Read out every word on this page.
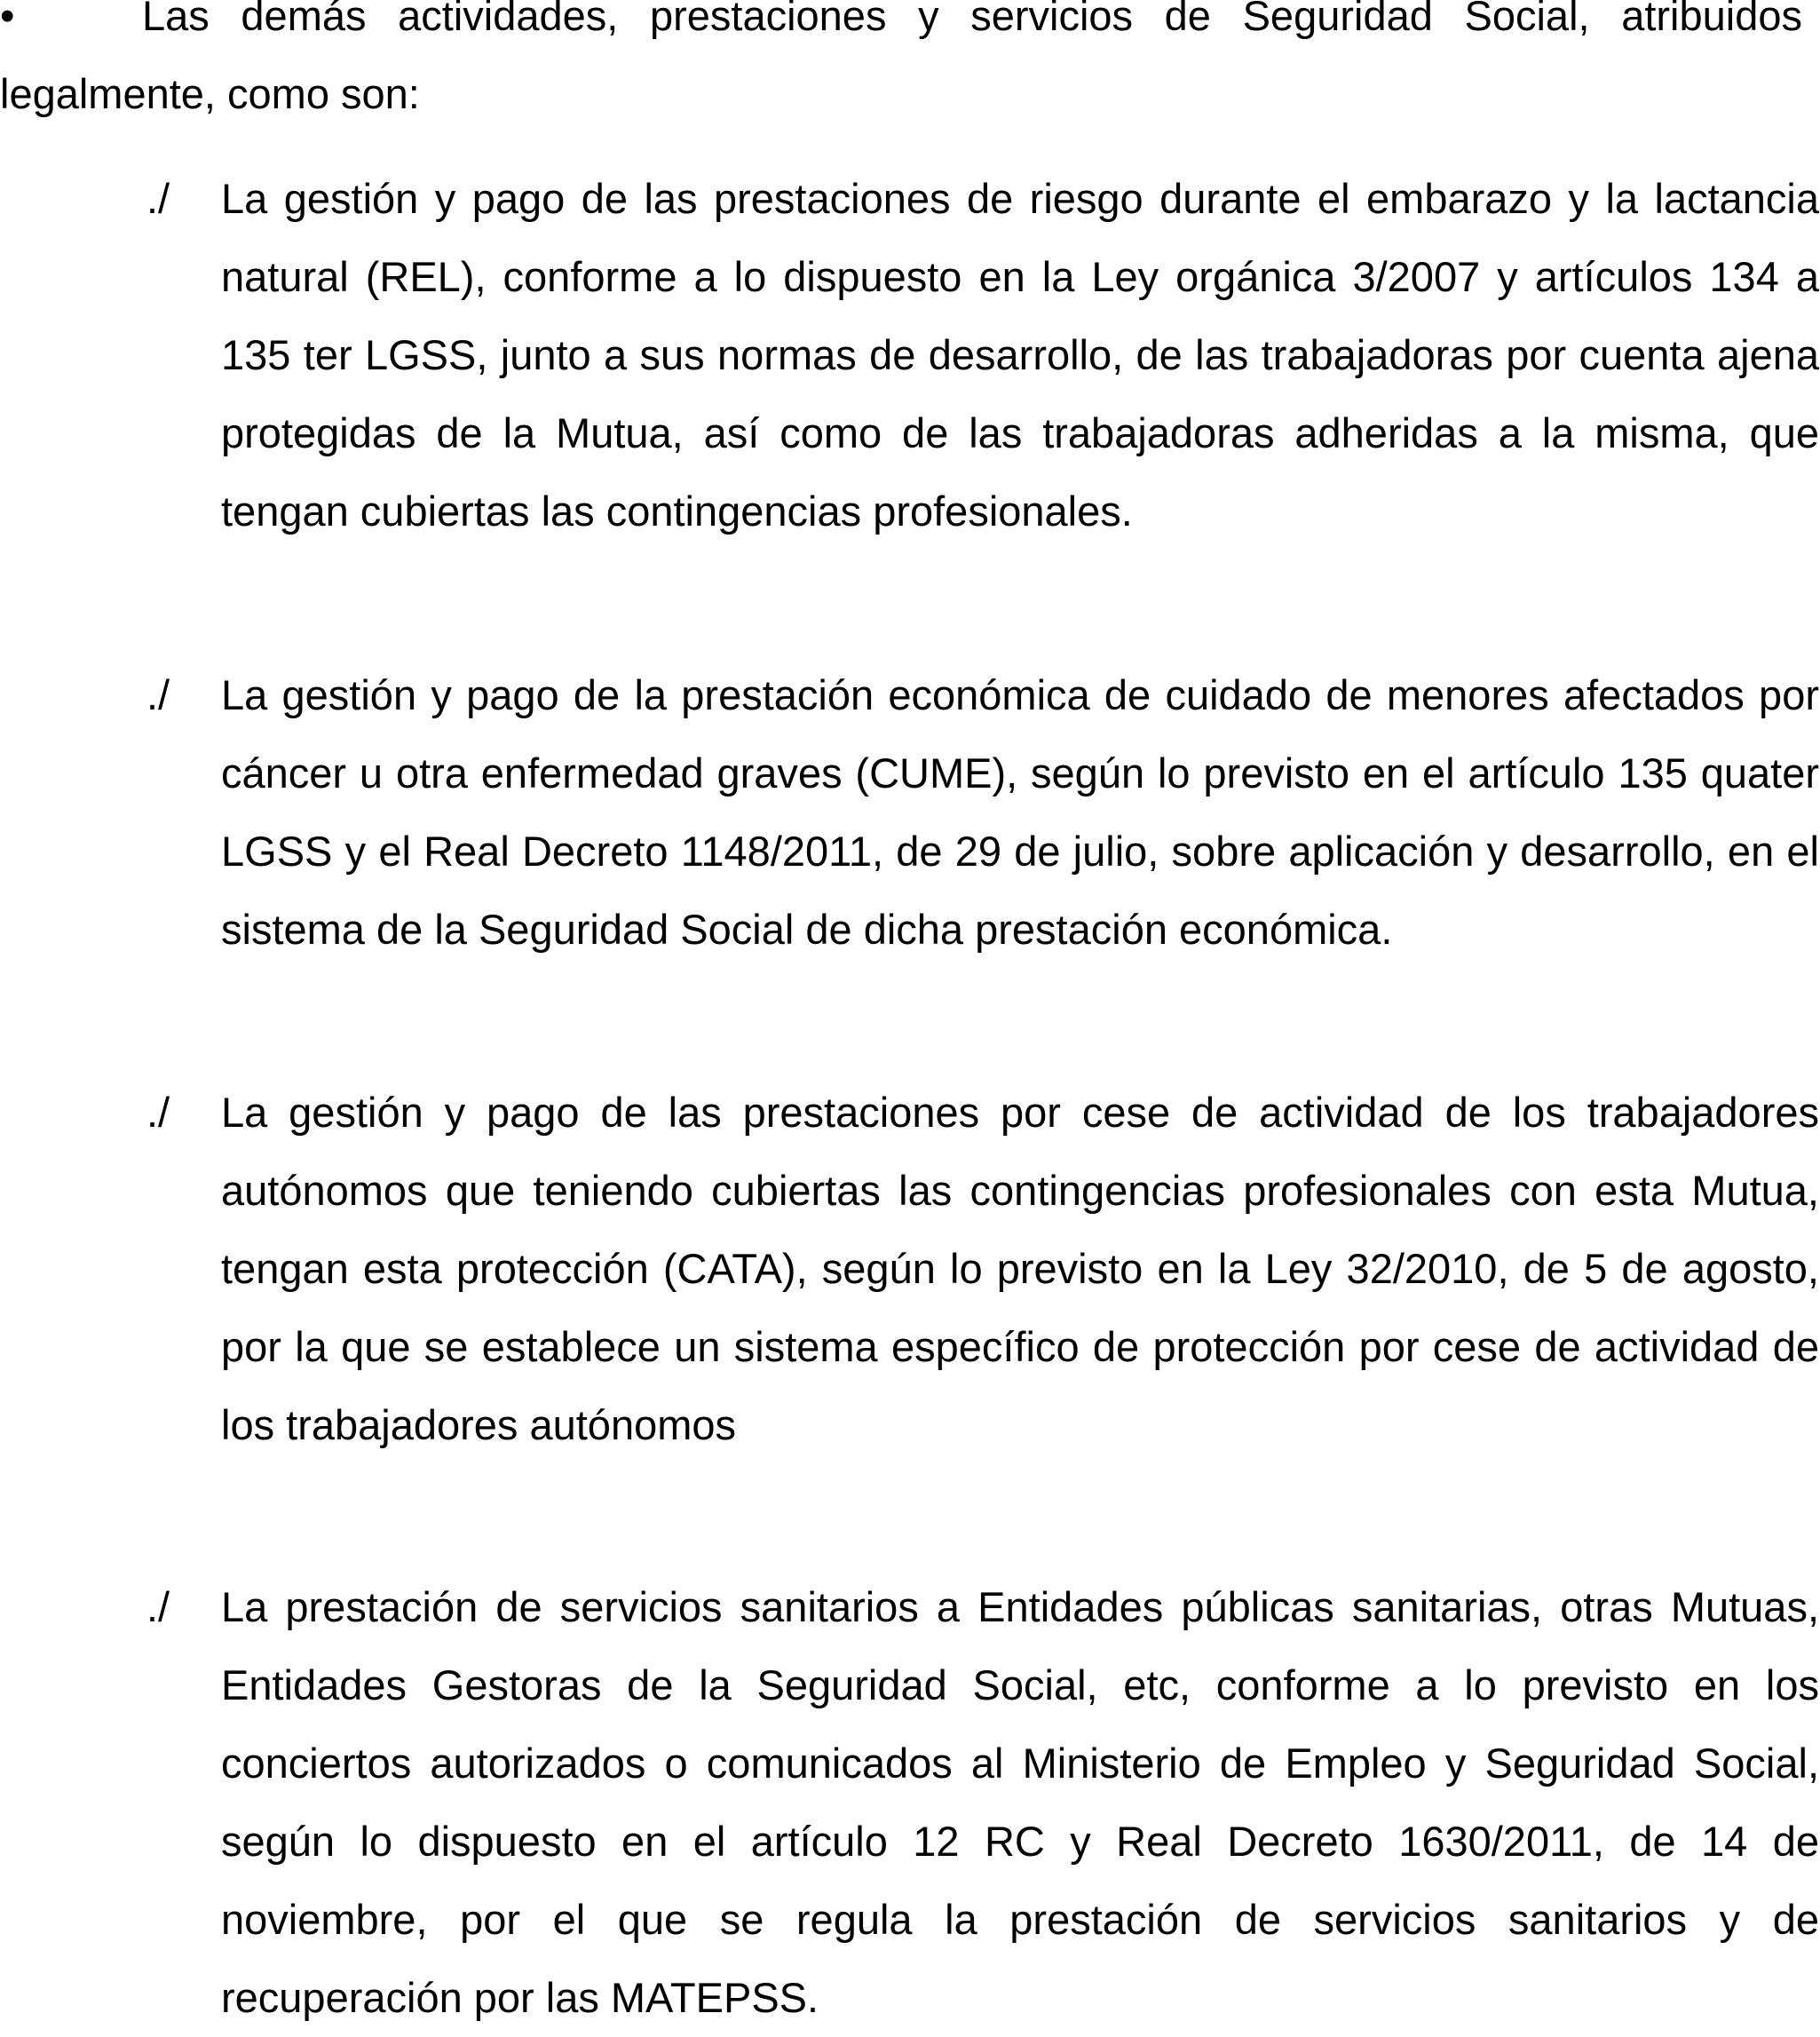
•	Las demás actividades, prestaciones y servicios de Seguridad Social, atribuidos legalmente, como son:
./	La gestión y pago de las prestaciones de riesgo durante el embarazo y la lactancia natural (REL), conforme a lo dispuesto en la Ley orgánica 3/2007 y artículos 134 a 135 ter LGSS, junto a sus normas de desarrollo, de las trabajadoras por cuenta ajena protegidas de la Mutua, así como de las trabajadoras adheridas a la misma, que tengan cubiertas las contingencias profesionales.
./	La gestión y pago de la prestación económica de cuidado de menores afectados por cáncer u otra enfermedad graves (CUME), según lo previsto en el artículo 135 quater LGSS y el Real Decreto 1148/2011, de 29 de julio, sobre aplicación y desarrollo, en el sistema de la Seguridad Social de dicha prestación económica.
./	La gestión y pago de las prestaciones por cese de actividad de los trabajadores autónomos que teniendo cubiertas las contingencias profesionales con esta Mutua, tengan esta protección (CATA), según lo previsto en la Ley 32/2010, de 5 de agosto, por la que se establece un sistema específico de protección por cese de actividad de los trabajadores autónomos
./	La prestación de servicios sanitarios a Entidades públicas sanitarias, otras Mutuas, Entidades Gestoras de la Seguridad Social, etc, conforme a lo previsto en los conciertos autorizados o comunicados al Ministerio de Empleo y Seguridad Social, según lo dispuesto en el artículo 12 RC y Real Decreto 1630/2011, de 14 de noviembre, por el que se regula la prestación de servicios sanitarios y de recuperación por las MATEPSS.
